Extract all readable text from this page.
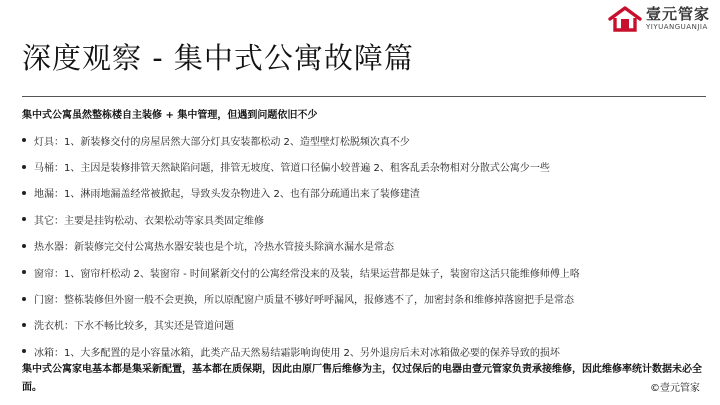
壹元管家
YIYUANGUANJIA
深度观察 - 集中式公寓故障篇
集中式公寓虽然整栋楼自主装修 + 集中管理，但遇到问题依旧不少
灯具：1、新装修交付的房屋居然大部分灯具安装都松动 2、造型壁灯松脱频次真不少
马桶：1、主因是装修排管天然缺陷问题，排管无坡度、管道口径偏小较普遍 2、租客乱丢杂物相对分散式公寓少一些
地漏：1、淋雨地漏盖经常被掀起，导致头发杂物进入 2、也有部分疏通出来了装修建渣
其它：主要是挂钩松动、衣架松动等家具类固定维修
热水器：新装修完交付公寓热水器安装也是个坑，冷热水管接头除滴水漏水是常态
窗帘：1、窗帘杆松动 2、装窗帘 - 时间紧新交付的公寓经常没来的及装，结果运营都是妹子，装窗帘这活只能维修师傅上咯
门窗：整栋装修但外窗一般不会更换，所以原配窗户质量不够好呼呼漏风，报修逃不了，加密封条和维修掉落窗把手是常态
洗衣机：下水不畅比较多，其实还是管道问题
冰箱：1、大多配置的是小容量冰箱，此类产品天然易结霜影响询使用 2、另外退房后未对冰箱做必要的保养导致的损坏
集中式公寓家电基本都是集采新配置，基本都在质保期，因此由原厂售后维修为主，仅过保后的电器由壹元管家负责承接维修，因此维修率统计数据未必全面。	©壹元管家
